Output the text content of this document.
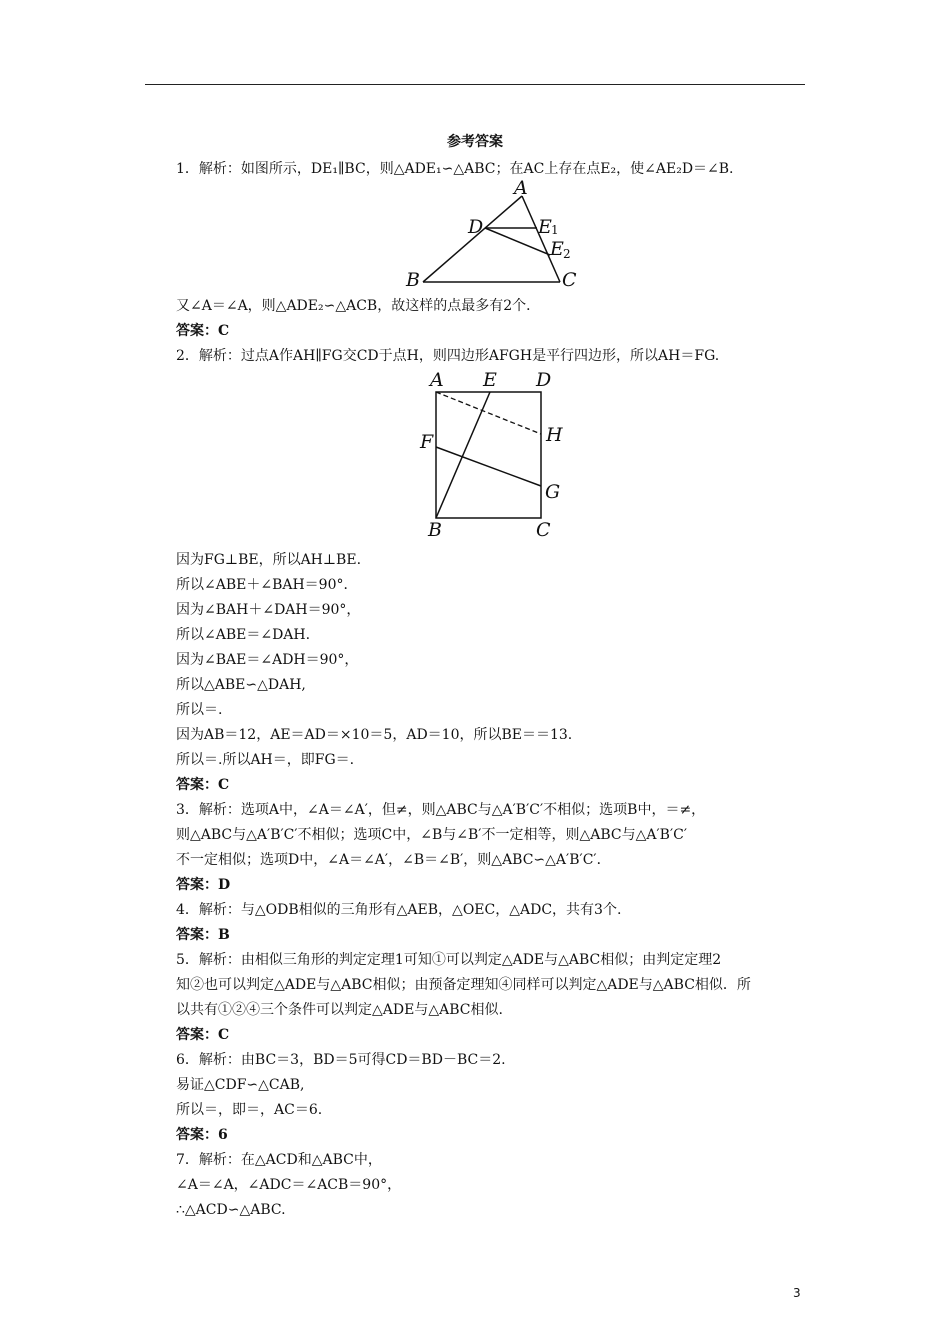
参考答案
1．解析：如图所示，DE₁∥BC，则△ADE₁∽△ABC；在AC上存在点E₂，使∠AE₂D＝∠B.
又∠A＝∠A，则△ADE₂∽△ACB，故这样的点最多有2个．
答案：C
2．解析：过点A作AH∥FG交CD于点H，则四边形AFGH是平行四边形，所以AH＝FG.
因为FG⊥BE，所以AH⊥BE.
所以∠ABE＋∠BAH＝90°．
因为∠BAH＋∠DAH＝90°，
所以∠ABE＝∠DAH.
因为∠BAE＝∠ADH＝90°，
所以△ABE∽△DAH,
所以＝.
因为AB＝12，AE＝AD＝×10＝5，AD＝10，所以BE＝＝13.
所以＝.所以AH＝，即FG＝.
答案：C
3．解析：选项A中，∠A＝∠A′，但≠，则△ABC与△A′B′C′不相似；选项B中，＝≠，
则△ABC与△A′B′C′不相似；选项C中，∠B与∠B′不一定相等，则△ABC与△A′B′C′
不一定相似；选项D中，∠A＝∠A′，∠B＝∠B′，则△ABC∽△A′B′C′．
答案：D
4．解析：与△ODB相似的三角形有△AEB，△OEC，△ADC，共有3个.
答案：B
5．解析：由相似三角形的判定定理1可知①可以判定△ADE与△ABC相似；由判定定理2
知②也可以判定△ADE与△ABC相似；由预备定理知④同样可以判定△ADE与△ABC相似．所
以共有①②④三个条件可以判定△ADE与△ABC相似.
答案：C
6．解析：由BC＝3，BD＝5可得CD＝BD－BC＝2.
易证△CDF∽△CAB,
所以＝，即＝，AC＝6.
答案：6
7．解析：在△ACD和△ABC中，
∠A＝∠A，∠ADC＝∠ACB＝90°，
∴△ACD∽△ABC.
A
D	E 1
E 2
B	C
A E D
F	H
G
B	C
3
